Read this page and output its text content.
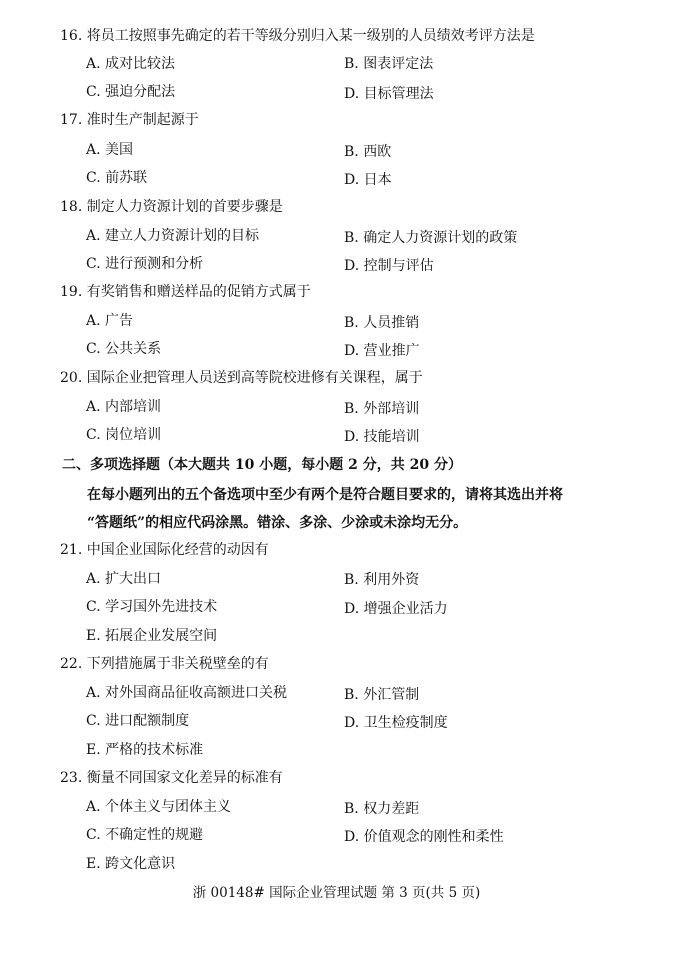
16. 将员工按照事先确定的若干等级分别归入某一级别的人员绩效考评方法是
A. 成对比较法	B. 图表评定法
C. 强迫分配法	D. 目标管理法
17. 准时生产制起源于
A. 美国	B. 西欧
C. 前苏联	D. 日本
18. 制定人力资源计划的首要步骤是
A. 建立人力资源计划的目标	B. 确定人力资源计划的政策
C. 进行预测和分析	D. 控制与评估
19. 有奖销售和赠送样品的促销方式属于
A. 广告	B. 人员推销
C. 公共关系	D. 营业推广
20. 国际企业把管理人员送到高等院校进修有关课程，属于
A. 内部培训	B. 外部培训
C. 岗位培训	D. 技能培训
二、多项选择题（本大题共 10 小题，每小题 2 分，共 20 分）
在每小题列出的五个备选项中至少有两个是符合题目要求的，请将其选出并将
“答题纸”的相应代码涂黑。错涂、多涂、少涂或未涂均无分。
21. 中国企业国际化经营的动因有
A. 扩大出口	B. 利用外资
C. 学习国外先进技术	D. 增强企业活力
E. 拓展企业发展空间
22. 下列措施属于非关税壁垒的有
A. 对外国商品征收高额进口关税	B. 外汇管制
C. 进口配额制度	D. 卫生检疫制度
E. 严格的技术标准
23. 衡量不同国家文化差异的标准有
A. 个体主义与团体主义	B. 权力差距
C. 不确定性的规避	D. 价值观念的刚性和柔性
E. 跨文化意识
浙 00148# 国际企业管理试题 第 3 页(共 5 页)
